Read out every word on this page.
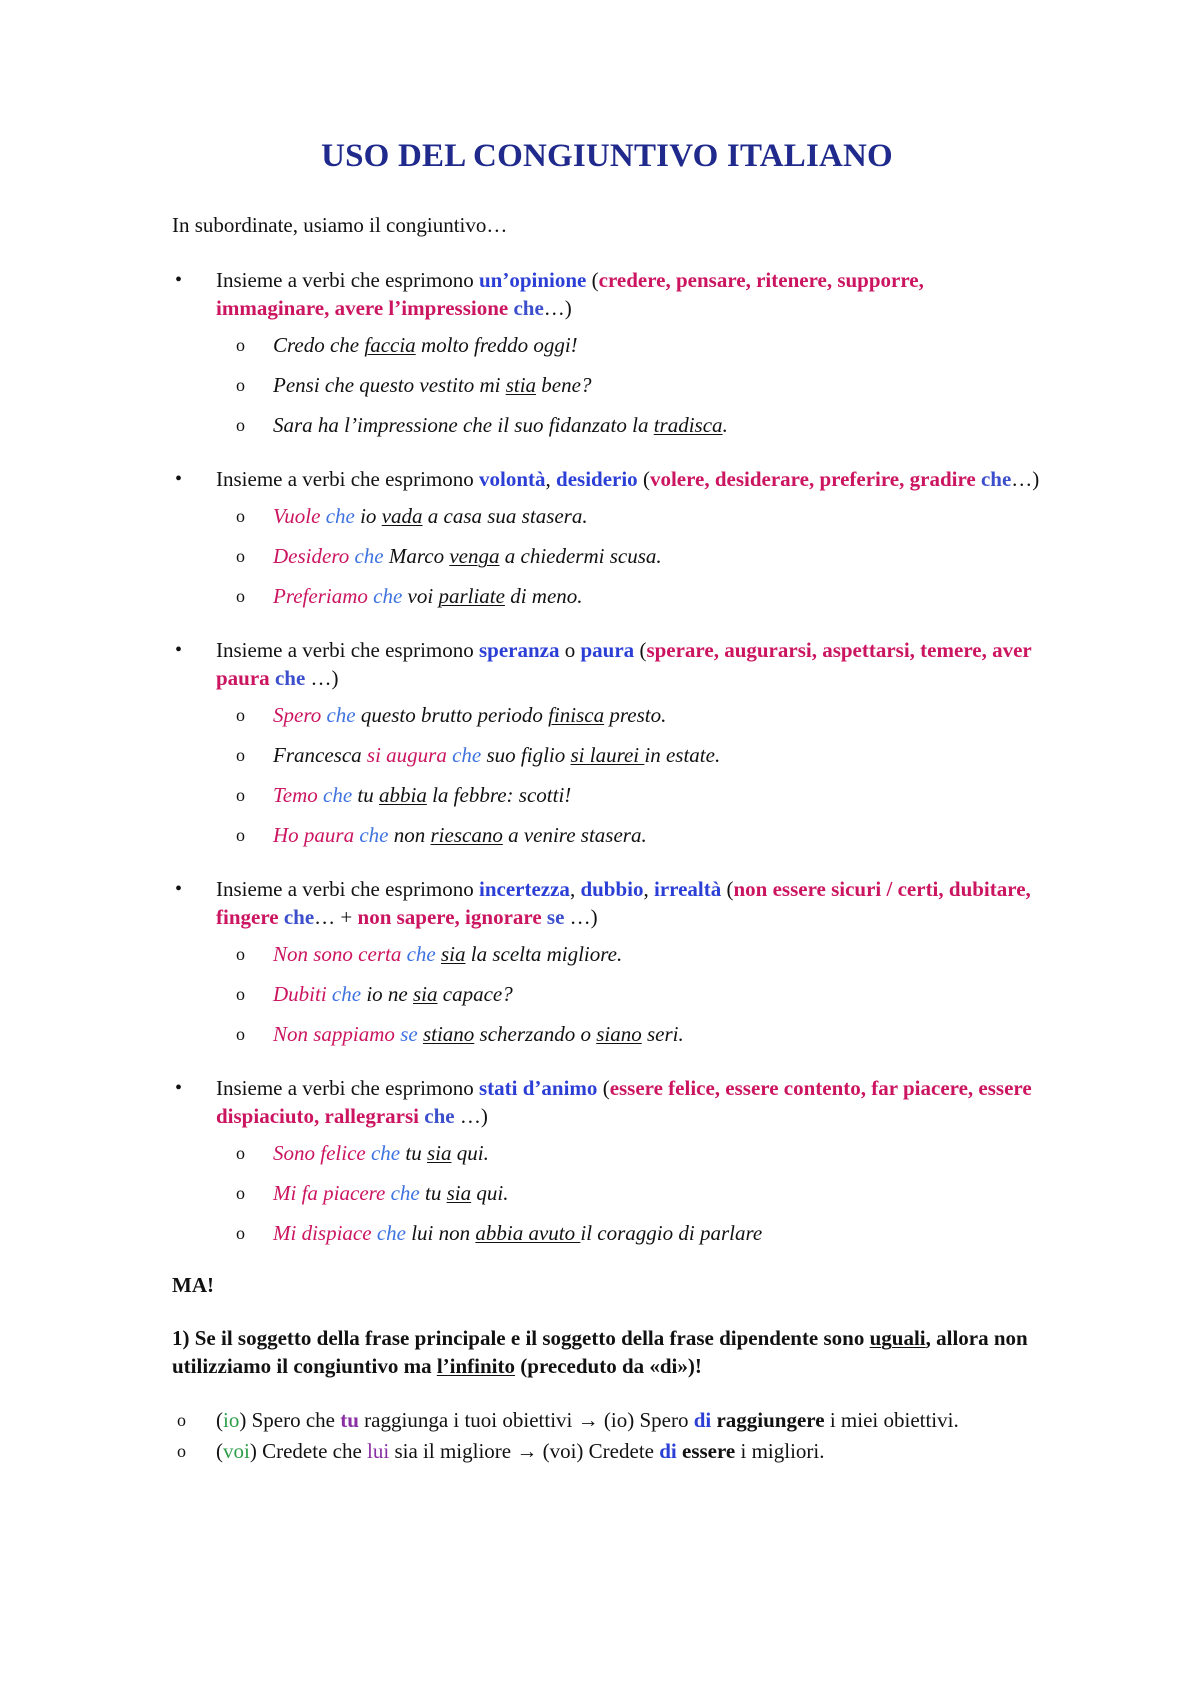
USO DEL CONGIUNTIVO ITALIANO

In subordinate, usiamo il congiuntivo…

• Insieme a verbi che esprimono un’opinione (credere, pensare, ritenere, supporre, immaginare, avere l’impressione che…)
o Credo che faccia molto freddo oggi!
o Pensi che questo vestito mi stia bene?
o Sara ha l’impressione che il suo fidanzato la tradisca.
• Insieme a verbi che esprimono volontà, desiderio (volere, desiderare, preferire, gradire che…)
o Vuole che io vada a casa sua stasera.
o Desidero che Marco venga a chiedermi scusa.
o Preferiamo che voi parliate di meno.
• Insieme a verbi che esprimono speranza o paura (sperare, augurarsi, aspettarsi, temere, aver paura che …)
o Spero che questo brutto periodo finisca presto.
o Francesca si augura che suo figlio si laurei in estate.
o Temo che tu abbia la febbre: scotti!
o Ho paura che non riescano a venire stasera.
• Insieme a verbi che esprimono incertezza, dubbio, irrealtà (non essere sicuri / certi, dubitare, fingere che… + non sapere, ignorare se …)
o Non sono certa che sia la scelta migliore.
o Dubiti che io ne sia capace?
o Non sappiamo se stiano scherzando o siano seri.
• Insieme a verbi che esprimono stati d’animo (essere felice, essere contento, far piacere, essere dispiaciuto, rallegrarsi che …)
o Sono felice che tu sia qui.
o Mi fa piacere che tu sia qui.
o Mi dispiace che lui non abbia avuto il coraggio di parlare

MA!

1) Se il soggetto della frase principale e il soggetto della frase dipendente sono uguali, allora non utilizziamo il congiuntivo ma l’infinito (preceduto da «di»)!

o (io) Spero che tu raggiunga i tuoi obiettivi → (io) Spero di raggiungere i miei obiettivi.
o (voi) Credete che lui sia il migliore → (voi) Credete di essere i migliori.
